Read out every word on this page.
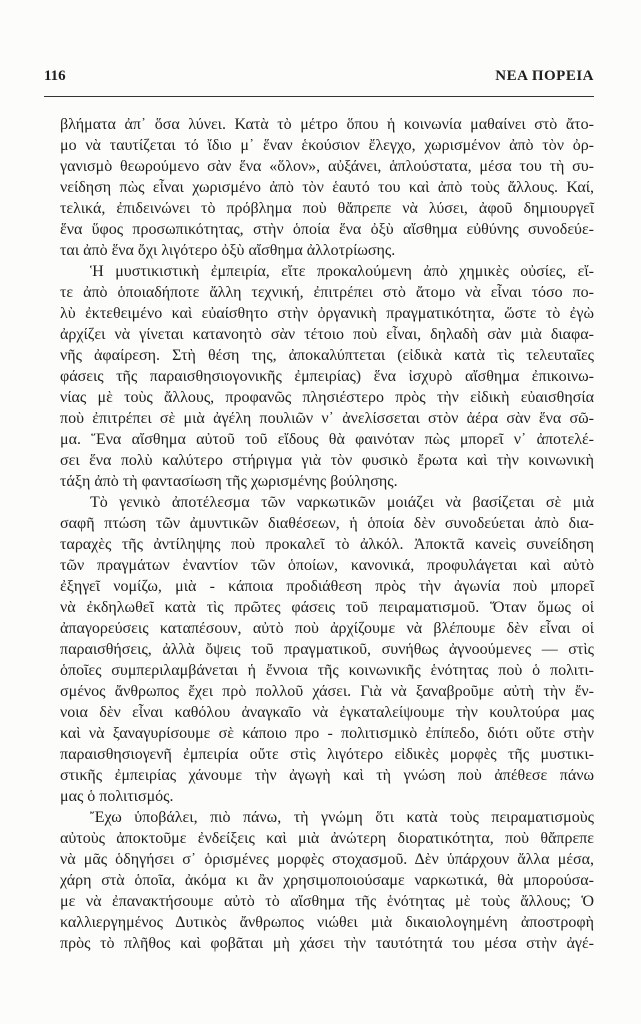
116	ΝΕΑ ΠΟΡΕΙΑ
βλήματα ἀπ᾿ ὅσα λύνει. Κατὰ τὸ μέτρο ὅπου ἡ κοινωνία μαθαίνει στὸ ἄτο-
μο νὰ ταυτίζεται τό ἴδιο μ᾿ ἕναν ἑκούσιον ἔλεγχο, χωρισμένον ἀπὸ τὸν ὀρ-
γανισμὸ θεωρούμενο σὰν ἕνα «ὅλον», αὐξάνει, ἁπλούστατα, μέσα του τὴ συ-
νείδηση πὼς εἶναι χωρισμένο ἀπὸ τὸν ἑαυτό του καὶ ἀπὸ τοὺς ἄλλους. Καί,
τελικά, ἐπιδεινώνει τὸ πρόβλημα ποὺ θἄπρεπε νὰ λύσει, ἀφοῦ δημιουργεῖ
ἕνα ὕφος προσωπικότητας, στὴν ὁποία ἕνα ὀξὺ αἴσθημα εὐθύνης συνοδεύε-
ται ἀπὸ ἕνα ὄχι λιγότερο ὀξὺ αἴσθημα ἀλλοτρίωσης.
Ἡ μυστικιστικὴ ἐμπειρία, εἴτε προκαλούμενη ἀπὸ χημικὲς οὐσίες, εἴ-
τε ἀπὸ ὁποιαδήποτε ἄλλη τεχνική, ἐπιτρέπει στὸ ἄτομο νὰ εἶναι τόσο πο-
λὺ ἐκτεθειμένο καὶ εὐαίσθητο στὴν ὀργανικὴ πραγματικότητα, ὥστε τὸ ἐγὼ
ἀρχίζει νὰ γίνεται κατανοητὸ σὰν τέτοιο ποὺ εἶναι, δηλαδὴ σὰν μιὰ διαφα-
νῆς ἀφαίρεση. Στὴ θέση της, ἀποκαλύπτεται (εἰδικὰ κατὰ τὶς τελευταῖες
φάσεις τῆς παραισθησιογονικῆς ἐμπειρίας) ἕνα ἰσχυρὸ αἴσθημα ἐπικοινω-
νίας μὲ τοὺς ἄλλους, προφανῶς πλησιέστερο πρὸς τὴν εἰδικὴ εὐαισθησία
ποὺ ἐπιτρέπει σὲ μιὰ ἀγέλη πουλιῶν ν᾿ ἀνελίσσεται στὸν ἀέρα σὰν ἕνα σῶ-
μα. Ἕνα αἴσθημα αὐτοῦ τοῦ εἴδους θὰ φαινόταν πὼς μπορεῖ ν᾿ ἀποτελέ-
σει ἕνα πολὺ καλύτερο στήριγμα γιὰ τὸν φυσικὸ ἔρωτα καὶ τὴν κοινωνικὴ
τάξη ἀπὸ τὴ φαντασίωση τῆς χωρισμένης βούλησης.
Τὸ γενικὸ ἀποτέλεσμα τῶν ναρκωτικῶν μοιάζει νὰ βασίζεται σὲ μιὰ
σαφῆ πτώση τῶν ἀμυντικῶν διαθέσεων, ἡ ὁποία δὲν συνοδεύεται ἀπὸ δια-
ταραχὲς τῆς ἀντίληψης ποὺ προκαλεῖ τὸ ἀλκόλ. Ἀποκτᾶ κανεὶς συνείδηση
τῶν πραγμάτων ἐναντίον τῶν ὁποίων, κανονικά, προφυλάγεται καὶ αὐτὸ
ἐξηγεῖ νομίζω, μιὰ - κάποια προδιάθεση πρὸς τὴν ἀγωνία ποὺ μπορεῖ
νὰ ἐκδηλωθεῖ κατὰ τὶς πρῶτες φάσεις τοῦ πειραματισμοῦ. Ὅταν ὅμως οἱ
ἀπαγορεύσεις καταπέσουν, αὐτὸ ποὺ ἀρχίζουμε νὰ βλέπουμε δὲν εἶναι οἱ
παραισθήσεις, ἀλλὰ ὄψεις τοῦ πραγματικοῦ, συνήθως ἀγνοούμενες — στὶς
ὁποῖες συμπεριλαμβάνεται ἡ ἔννοια τῆς κοινωνικῆς ἑνότητας ποὺ ὁ πολιτι-
σμένος ἄνθρωπος ἔχει πρὸ πολλοῦ χάσει. Γιὰ νὰ ξαναβροῦμε αὐτὴ τὴν ἔν-
νοια δὲν εἶναι καθόλου ἀναγκαῖο νὰ ἐγκαταλείψουμε τὴν κουλτούρα μας
καὶ νὰ ξαναγυρίσουμε σὲ κάποιο προ - πολιτισμικὸ ἐπίπεδο, διότι οὔτε στὴν
παραισθησιογενῆ ἐμπειρία οὔτε στὶς λιγότερο εἰδικὲς μορφὲς τῆς μυστικι-
στικῆς ἐμπειρίας χάνουμε τὴν ἀγωγὴ καὶ τὴ γνώση ποὺ ἀπέθεσε πάνω
μας ὁ πολιτισμός.
Ἔχω ὑποβάλει, πιὸ πάνω, τὴ γνώμη ὅτι κατὰ τοὺς πειραματισμοὺς
αὐτοὺς ἀποκτοῦμε ἐνδείξεις καὶ μιὰ ἀνώτερη διορατικότητα, ποὺ θἄπρεπε
νὰ μᾶς ὁδηγήσει σ᾿ ὁρισμένες μορφὲς στοχασμοῦ. Δὲν ὑπάρχουν ἄλλα μέσα,
χάρη στὰ ὁποῖα, ἀκόμα κι ἂν χρησιμοποιούσαμε ναρκωτικά, θὰ μπορούσα-
με νὰ ἐπανακτήσουμε αὐτὸ τὸ αἴσθημα τῆς ἑνότητας μὲ τοὺς ἄλλους; Ὁ
καλλιεργημένος Δυτικὸς ἄνθρωπος νιώθει μιὰ δικαιολογημένη ἀποστροφὴ
πρὸς τὸ πλῆθος καὶ φοβᾶται μὴ χάσει τὴν ταυτότητά του μέσα στὴν ἀγέ-
